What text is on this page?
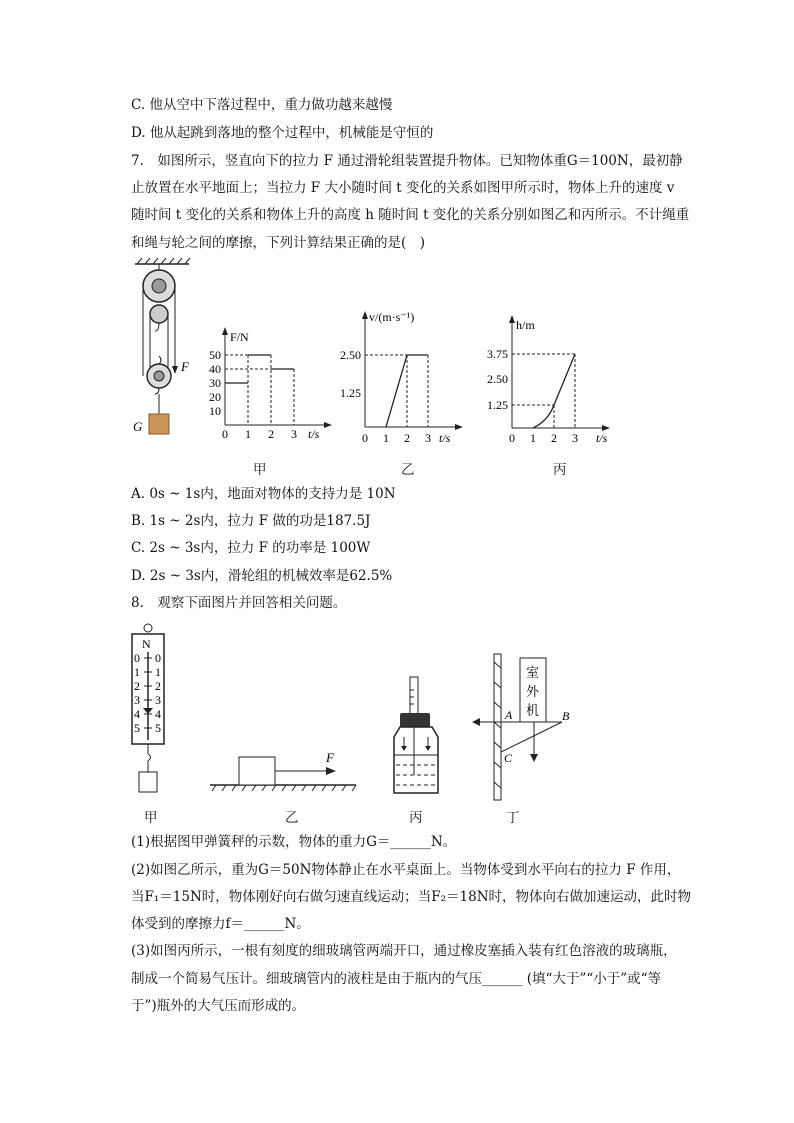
C. 他从空中下落过程中，重力做功越来越慢
D. 他从起跳到落地的整个过程中，机械能是守恒的
7.　如图所示，竖直向下的拉力 F 通过滑轮组装置提升物体。已知物体重G＝100N，最初静
止放置在水平地面上；当拉力 F 大小随时间 t 变化的关系如图甲所示时，物体上升的速度 v
随时间 t 变化的关系和物体上升的高度 h 随时间 t 变化的关系分别如图乙和丙所示。不计绳重
和绳与轮之间的摩擦，下列计算结果正确的是(　)
F
G
F/N
t/s
50
40
30
20
10
0 1 2 3
v/(m·s⁻¹)
t/s
2.50
1.25
0 1 2 3
h/m
t/s
3.75
2.50
1.25
0 1 2 3
甲	乙	丙
A. 0s ~ 1s内，地面对物体的支持力是 10N
B. 1s ~ 2s内，拉力 F 做的功是187.5J
C. 2s ~ 3s内，拉力 F 的功率是 100W
D. 2s ~ 3s内，滑轮组的机械效率是62.5%
8.　观察下面图片并回答相关问题。
N
0
1
2
3
4
5
0
1
2
3
4
5
F
室
外
机
A	B
C
甲	乙	丙	丁
(1)根据图甲弹簧秤的示数，物体的重力G＝______N。
(2)如图乙所示，重为G＝50N物体静止在水平桌面上。当物体受到水平向右的拉力 F 作用，
当F₁＝15N时，物体刚好向右做匀速直线运动；当F₂＝18N时，物体向右做加速运动，此时物
体受到的摩擦力f＝______N。
(3)如图丙所示，一根有刻度的细玻璃管两端开口，通过橡皮塞插入装有红色溶液的玻璃瓶，
制成一个简易气压计。细玻璃管内的液柱是由于瓶内的气压______ (填“大于”“小于”或“等
于”)瓶外的大气压而形成的。
